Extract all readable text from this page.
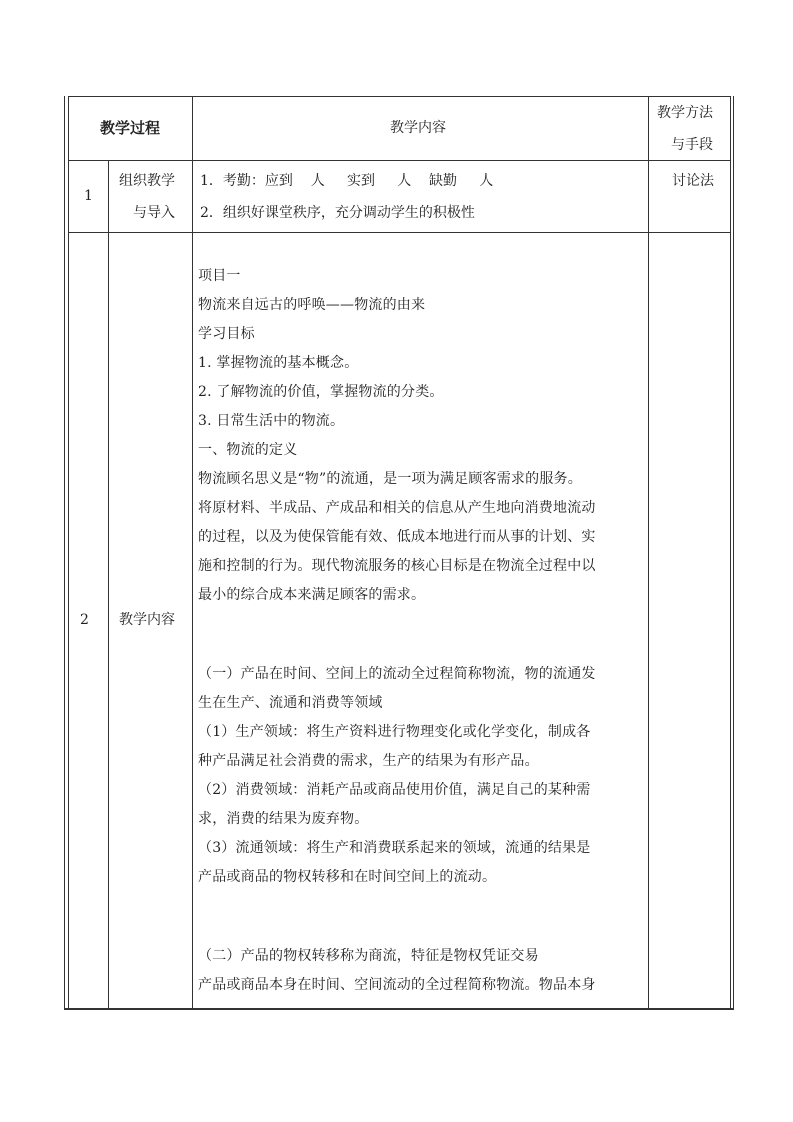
教学过程	教学内容
教学方法
与手段
1
组织教学
与导入
1．考勤：应到    人     实到     人    缺勤     人
2．组织好课堂秩序，充分调动学生的积极性
讨论法
2 教学内容
项目一
物流来自远古的呼唤——物流的由来
学习目标
1. 掌握物流的基本概念。
2. 了解物流的价值，掌握物流的分类。
3. 日常生活中的物流。
一、物流的定义
物流顾名思义是“物”的流通，是一项为满足顾客需求的服务。
将原材料、半成品、产成品和相关的信息从产生地向消费地流动
的过程，以及为使保管能有效、低成本地进行而从事的计划、实
施和控制的行为。现代物流服务的核心目标是在物流全过程中以
最小的综合成本来满足顾客的需求。
（一）产品在时间、空间上的流动全过程简称物流，物的流通发
生在生产、流通和消费等领域
（1）生产领域：将生产资料进行物理变化或化学变化，制成各
种产品满足社会消费的需求，生产的结果为有形产品。
（2）消费领域：消耗产品或商品使用价值，满足自己的某种需
求，消费的结果为废弃物。
（3）流通领域：将生产和消费联系起来的领域，流通的结果是
产品或商品的物权转移和在时间空间上的流动。
（二）产品的物权转移称为商流，特征是物权凭证交易
产品或商品本身在时间、空间流动的全过程简称物流。物品本身
